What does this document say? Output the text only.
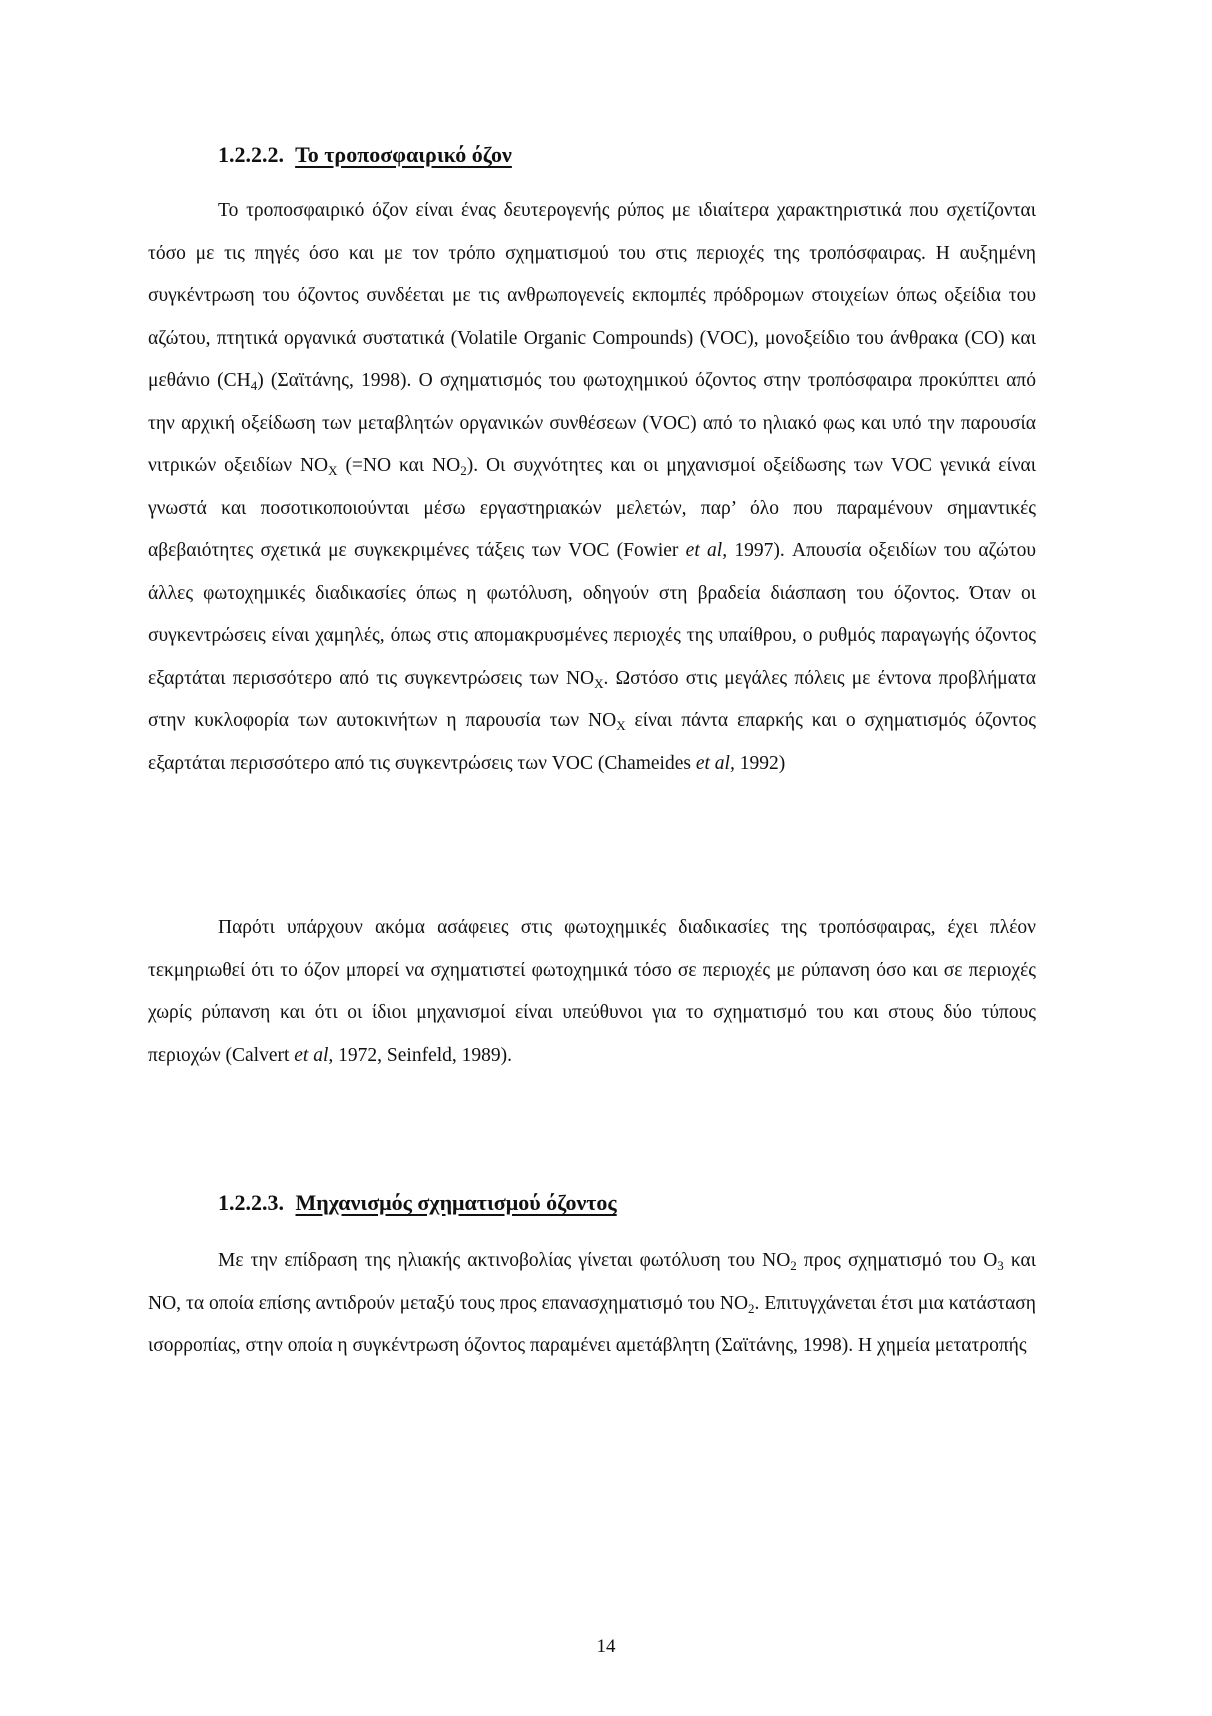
1.2.2.2. Το τροποσφαιρικό όζον

Το τροποσφαιρικό όζον είναι ένας δευτερογενής ρύπος με ιδιαίτερα χαρακτηριστικά που σχετίζονται τόσο με τις πηγές όσο και με τον τρόπο σχηματισμού του στις περιοχές της τροπόσφαιρας. Η αυξημένη συγκέντρωση του όζοντος συνδέεται με τις ανθρωπογενείς εκπομπές πρόδρομων στοιχείων όπως οξείδια του αζώτου, πτητικά οργανικά συστατικά (Volatile Organic Compounds) (VOC), μονοξείδιο του άνθρακα (CO) και μεθάνιο $(CH_4)$ (Σαϊτάνης, 1998). Ο σχηματισμός του φωτοχημικού όζοντος στην τροπόσφαιρα προκύπτει από την αρχική οξείδωση των μεταβλητών οργανικών συνθέσεων (VOC) από το ηλιακό φως και υπό την παρουσία νιτρικών οξειδίων $NO_X$ (=NO και $NO_2$). Οι συχνότητες και οι μηχανισμοί οξείδωσης των VOC γενικά είναι γνωστά και ποσοτικοποιούνται μέσω εργαστηριακών μελετών, παρ’ όλο που παραμένουν σημαντικές αβεβαιότητες σχετικά με συγκεκριμένες τάξεις των VOC (Fowier et al, 1997). Απουσία οξειδίων του αζώτου άλλες φωτοχημικές διαδικασίες όπως η φωτόλυση, οδηγούν στη βραδεία διάσπαση του όζοντος. Όταν οι συγκεντρώσεις είναι χαμηλές, όπως στις απομακρυσμένες περιοχές της υπαίθρου, ο ρυθμός παραγωγής όζοντος εξαρτάται περισσότερο από τις συγκεντρώσεις των $NO_X$. Ωστόσο στις μεγάλες πόλεις με έντονα προβλήματα στην κυκλοφορία των αυτοκινήτων η παρουσία των $NO_X$ είναι πάντα επαρκής και ο σχηματισμός όζοντος εξαρτάται περισσότερο από τις συγκεντρώσεις των VOC (Chameides et al, 1992)

Παρότι υπάρχουν ακόμα ασάφειες στις φωτοχημικές διαδικασίες της τροπόσφαιρας, έχει πλέον τεκμηριωθεί ότι το όζον μπορεί να σχηματιστεί φωτοχημικά τόσο σε περιοχές με ρύπανση όσο και σε περιοχές χωρίς ρύπανση και ότι οι ίδιοι μηχανισμοί είναι υπεύθυνοι για το σχηματισμό του και στους δύο τύπους περιοχών (Calvert et al, 1972, Seinfeld, 1989).

1.2.2.3. Μηχανισμός σχηματισμού όζοντος

Με την επίδραση της ηλιακής ακτινοβολίας γίνεται φωτόλυση του $NO_2$ προς σχηματισμό του $O_3$ και NO, τα οποία επίσης αντιδρούν μεταξύ τους προς επανασχηματισμό του $NO_2$. Επιτυγχάνεται έτσι μια κατάσταση ισορροπίας, στην οποία η συγκέντρωση όζοντος παραμένει αμετάβλητη (Σαϊτάνης, 1998). Η χημεία μετατροπής

14
